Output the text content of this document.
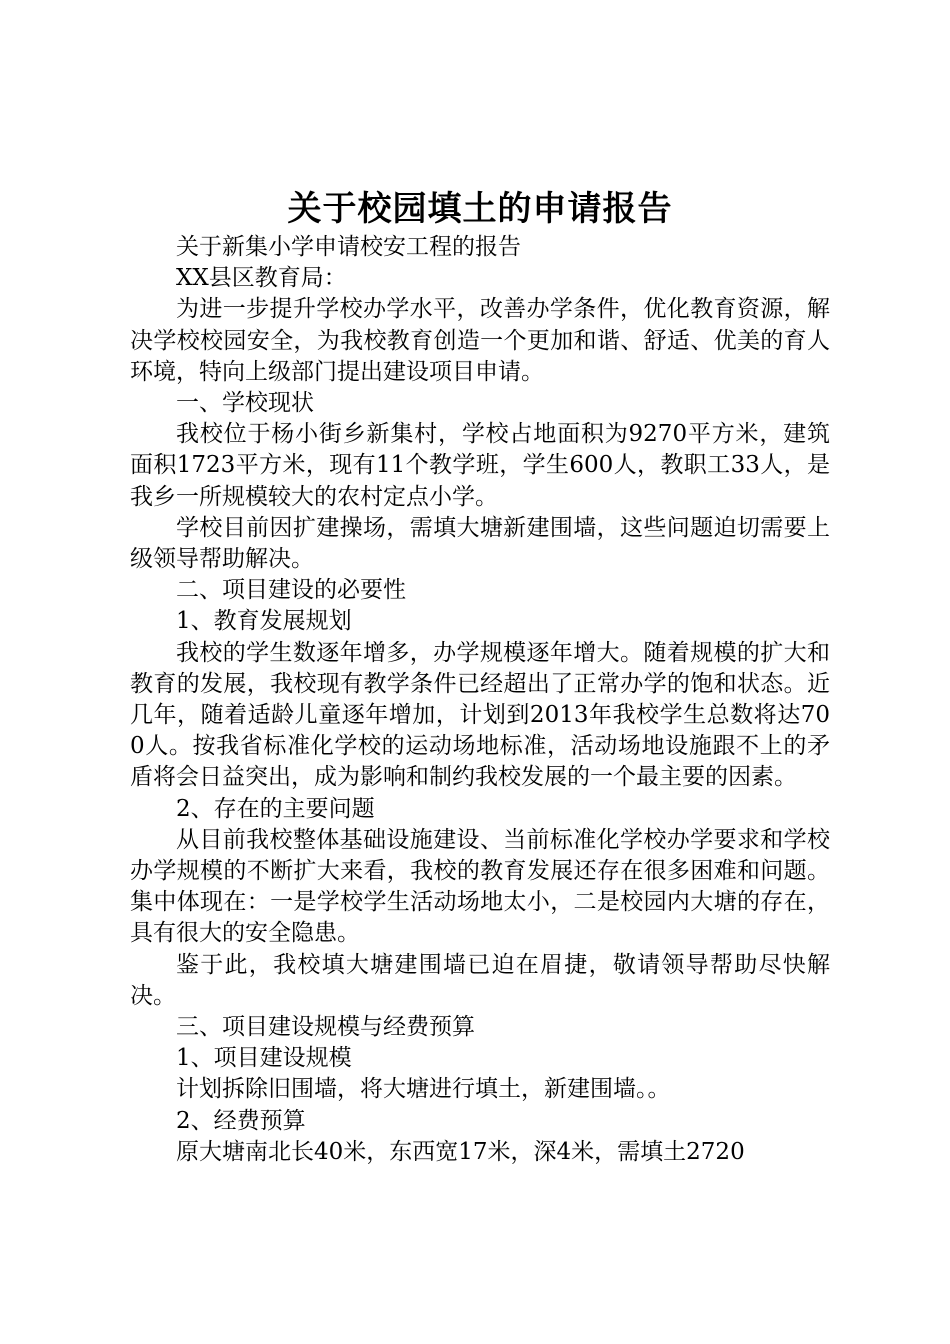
关于校园填土的申请报告

关于新集小学申请校安工程的报告

XX县区教育局：

为进一步提升学校办学水平，改善办学条件，优化教育资源，解决学校校园安全，为我校教育创造一个更加和谐、舒适、优美的育人环境，特向上级部门提出建设项目申请。

一、学校现状

我校位于杨小街乡新集村，学校占地面积为9270平方米，建筑面积1723平方米，现有11个教学班，学生600人，教职工33人，是我乡一所规模较大的农村定点小学。

学校目前因扩建操场，需填大塘新建围墙，这些问题迫切需要上级领导帮助解决。

二、项目建设的必要性

1、教育发展规划

我校的学生数逐年增多，办学规模逐年增大。随着规模的扩大和教育的发展，我校现有教学条件已经超出了正常办学的饱和状态。近几年，随着适龄儿童逐年增加，计划到2013年我校学生总数将达700人。按我省标准化学校的运动场地标准，活动场地设施跟不上的矛盾将会日益突出，成为影响和制约我校发展的一个最主要的因素。

2、存在的主要问题

从目前我校整体基础设施建设、当前标准化学校办学要求和学校办学规模的不断扩大来看，我校的教育发展还存在很多困难和问题。集中体现在：一是学校学生活动场地太小，二是校园内大塘的存在，具有很大的安全隐患。

鉴于此，我校填大塘建围墙已迫在眉捷，敬请领导帮助尽快解决。

三、项目建设规模与经费预算

1、项目建设规模

计划拆除旧围墙，将大塘进行填土，新建围墙。。

2、经费预算

原大塘南北长40米，东西宽17米，深4米，需填土2720
